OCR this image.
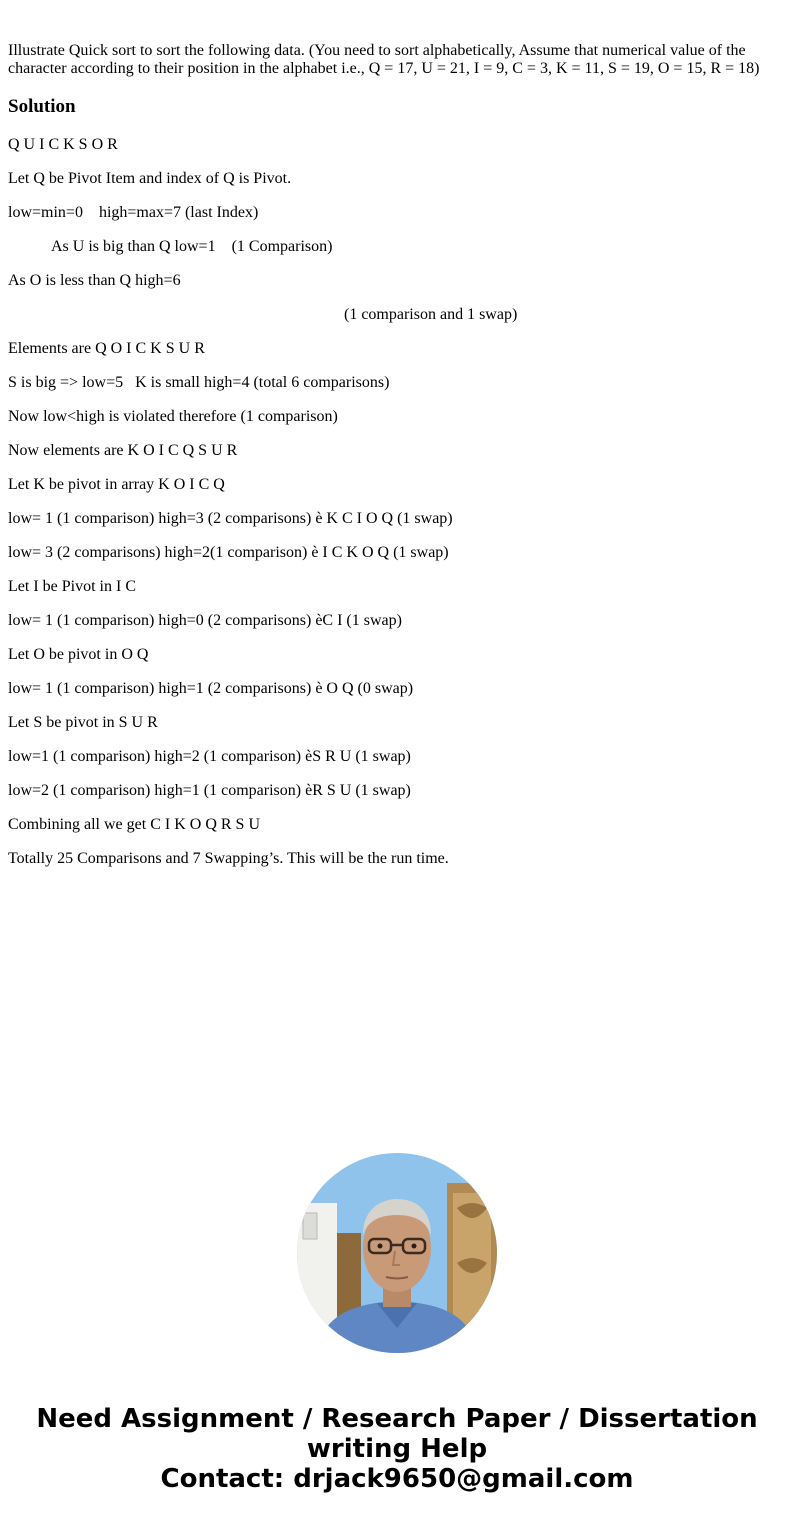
Illustrate Quick sort to sort the following data. (You need to sort alphabetically, Assume that numerical value of the character according to their position in the alphabet i.e., Q = 17, U = 21, I = 9, C = 3, K = 11, S = 19, O = 15, R = 18)

Solution

Q U I C K S O R

Let Q be Pivot Item and index of Q is Pivot.

low=min=0    high=max=7 (last Index)

As U is big than Q low=1    (1 Comparison)

As O is less than Q high=6

(1 comparison and 1 swap)

Elements are Q O I C K S U R

S is big => low=5   K is small high=4 (total 6 comparisons)

Now low<high is violated therefore (1 comparison)

Now elements are K O I C Q S U R

Let K be pivot in array K O I C Q

low= 1 (1 comparison) high=3 (2 comparisons) è K C I O Q (1 swap)

low= 3 (2 comparisons) high=2(1 comparison) è I C K O Q (1 swap)

Let I be Pivot in I C

low= 1 (1 comparison) high=0 (2 comparisons) èC I (1 swap)

Let O be pivot in O Q

low= 1 (1 comparison) high=1 (2 comparisons) è O Q (0 swap)

Let S be pivot in S U R

low=1 (1 comparison) high=2 (1 comparison) èS R U (1 swap)

low=2 (1 comparison) high=1 (1 comparison) èR S U (1 swap)

Combining all we get C I K O Q R S U

Totally 25 Comparisons and 7 Swapping’s. This will be the run time.

Need Assignment / Research Paper / Dissertation
writing Help
Contact: drjack9650@gmail.com
